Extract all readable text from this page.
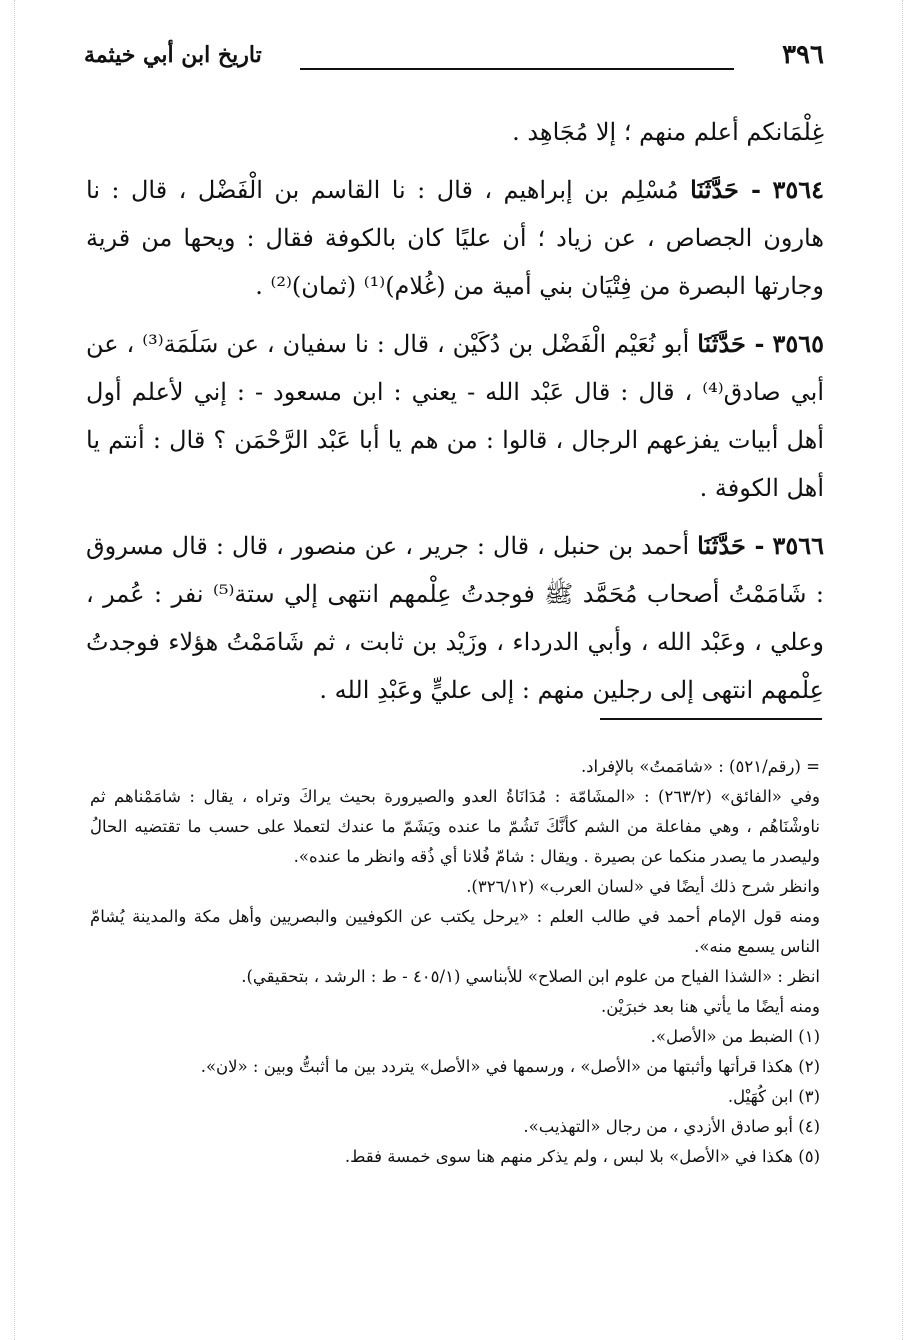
٣٩٦
تاريخ ابن أبي خيثمة

غِلْمَانكم أعلم منهم ؛ إلا مُجَاهِد .

٣٥٦٤ - حَدَّثَنَا مُسْلِم بن إبراهيم ، قال : نا القاسم بن الْفَضْل ، قال : نا هارون الجصاص ، عن زياد ؛ أن عليًا كان بالكوفة فقال : ويحها من قرية وجارتها البصرة من فِتْيَان بني أمية من (غُلام)⁽¹⁾ (ثمان)⁽²⁾ .

٣٥٦٥ - حَدَّثَنَا أبو نُعَيْم الْفَضْل بن دُكَيْن ، قال : نا سفيان ، عن سَلَمَة⁽³⁾ ، عن أبي صادق⁽⁴⁾ ، قال : قال عَبْد الله - يعني : ابن مسعود - : إني لأعلم أول أهل أبيات يفزعهم الرجال ، قالوا : من هم يا أبا عَبْد الرَّحْمَن ؟ قال : أنتم يا أهل الكوفة .

٣٥٦٦ - حَدَّثَنَا أحمد بن حنبل ، قال : جرير ، عن منصور ، قال : قال مسروق : شَامَمْتُ أصحاب مُحَمَّد ﷺ فوجدتُ عِلْمهم انتهى إلي ستة⁽⁵⁾ نفر : عُمر ، وعلي ، وعَبْد الله ، وأبي الدرداء ، وزَيْد بن ثابت ، ثم شَامَمْتُ هؤلاء فوجدتُ عِلْمهم انتهى إلى رجلين منهم : إلى عليٍّ وعَبْدِ الله .

= (رقم/٥٢١) : «شامَمتُ» بالإفراد.

وفي «الفائق» (٢٦٣/٢) : «المشَامّة : مُدَانَاةُ العدو والصيرورة بحيث يراكَ وتراه ، يقال : شامَمْناهم ثم ناوشْنَاهُم ، وهي مفاعلة من الشم كأنَّكَ تَشُمّ ما عنده ويَشَمّ ما عندك لتعملا على حسب ما تقتضيه الحالُ وليصدر ما يصدر منكما عن بصيرة . ويقال : شامّ فُلانا أي ذُقه وانظر ما عنده».

وانظر شرح ذلك أيضًا في «لسان العرب» (٣٢٦/١٢).

ومنه قول الإمام أحمد في طالب العلم : «يرحل يكتب عن الكوفيين والبصريين وأهل مكة والمدينة يُشامّ الناس يسمع منه».

انظر : «الشذا الفياح من علوم ابن الصلاح» للأبناسي (٤٠٥/١ - ط : الرشد ، بتحقيقي).

ومنه أيضًا ما يأتي هنا بعد خبرَيْن.

(١) الضبط من «الأصل».

(٢) هكذا قرأتها وأثبتها من «الأصل» ، ورسمها في «الأصل» يتردد بين ما أثبتُّ وبين : «لان».

(٣) ابن كُهَيْل.

(٤) أبو صادق الأزدي ، من رجال «التهذيب».

(٥) هكذا في «الأصل» بلا لبس ، ولم يذكر منهم هنا سوى خمسة فقط.
